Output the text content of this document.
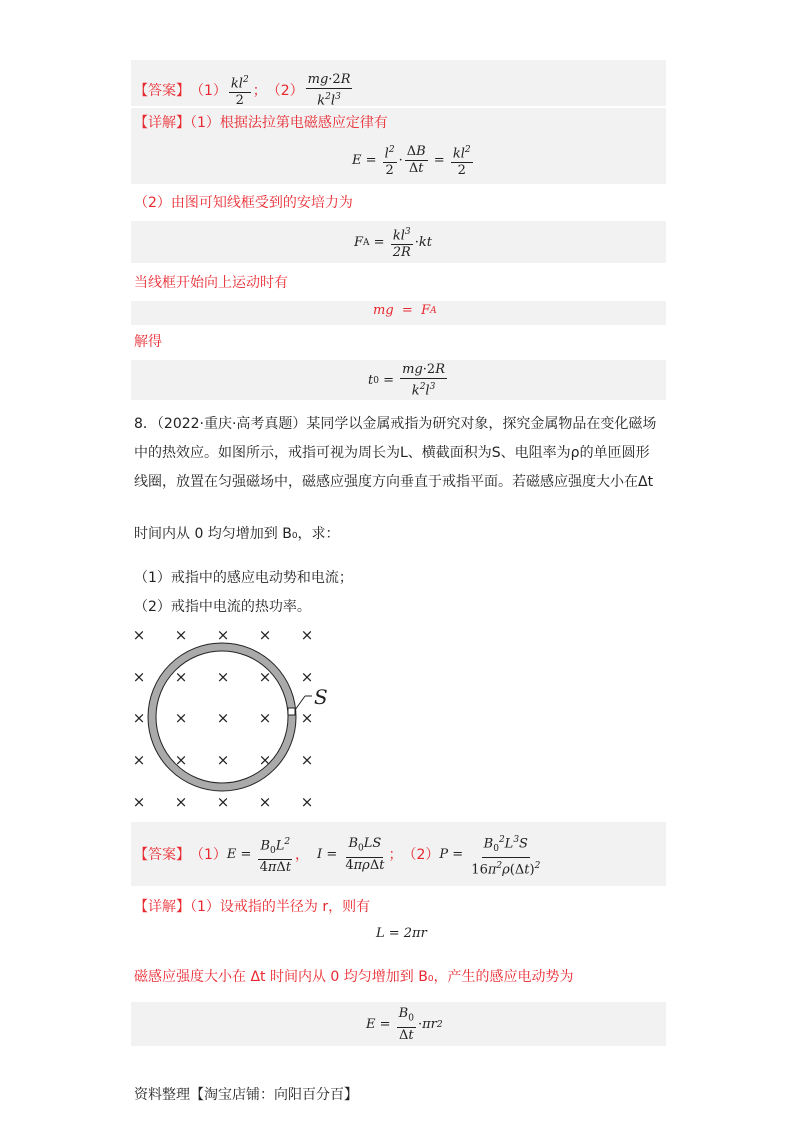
【答案】 $(1) \frac{kl^2}{2}$ ； $(2) \frac{mg\cdot 2R}{k^2l^3}$
【详解】（1）根据法拉第电磁感应定律有
$E = \frac{l^2}{2} \cdot \frac{\Delta B}{\Delta t} = \frac{kl^2}{2}$
（2）由图可知线框受到的安培力为
F $A = \frac{kl^3}{2R}$ · kt
当线框开始向上运动时有
mg  =  F A
解得
t $0 = \frac{mg\cdot 2R}{k^2l^3}$
8．（2022·重庆·高考真题）某同学以金属戒指为研究对象，探究金属物品在变化磁场
中的热效应。如图所示，戒指可视为周长为L、横截面积为S、电阻率为ρ的单匝圆形
线圈，放置在匀强磁场中，磁感应强度方向垂直于戒指平面。若磁感应强度大小在Δt
时间内从 0 均匀增加到 B₀，求：
（1）戒指中的感应电动势和电流；
（2）戒指中电流的热功率。
× × × × ×
× × × × ×
× × × × ×
× × × × ×
× × × × ×
S
【答案】 （1） $E = \frac{B_0L^2}{\text{4πΔt}}$ ， $I = \frac{B_0LS}{\text{4πρΔt}}$ ； （2） $P = \frac{B_0^2L^3S}{16\pi^2\rho(\Delta t)^2}$
【详解】（1）设戒指的半径为 r，则有
L = 2πr
磁感应强度大小在 Δt 时间内从 0 均匀增加到 B₀，产生的感应电动势为
$E = \frac{B_0}{\Delta t} \cdot \pi r$ 2
资料整理【淘宝店铺：向阳百分百】
